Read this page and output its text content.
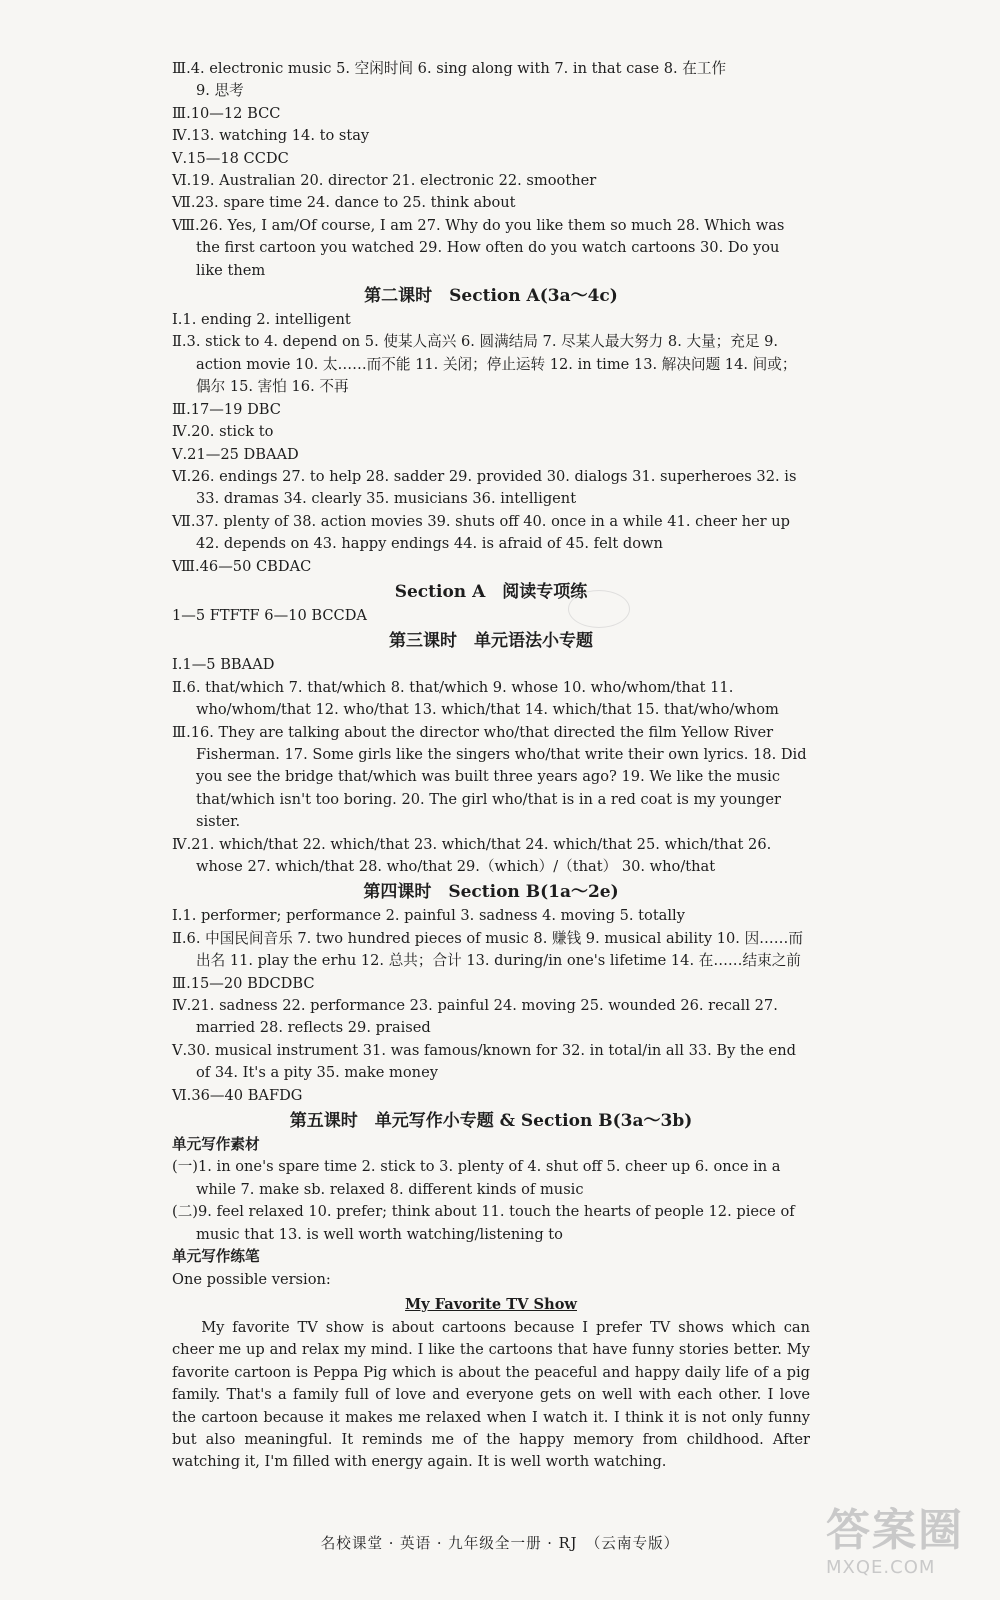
Ⅲ.4. electronic music 5. 空闲时间 6. sing along with 7. in that case 8. 在工作
9. 思考
Ⅲ.10—12 BCC
Ⅳ.13. watching 14. to stay
Ⅴ.15—18 CCDC
Ⅵ.19. Australian 20. director 21. electronic 22. smoother
Ⅶ.23. spare time 24. dance to 25. think about
Ⅷ.26. Yes, I am/Of course, I am 27. Why do you like them so much 28. Which was the first cartoon you watched 29. How often do you watch cartoons 30. Do you like them
第二课时　Section A(3a～4c)
Ⅰ.1. ending 2. intelligent
Ⅱ.3. stick to 4. depend on 5. 使某人高兴 6. 圆满结局 7. 尽某人最大努力 8. 大量；充足 9. action movie 10. 太……而不能 11. 关闭；停止运转 12. in time 13. 解决问题 14. 间或；偶尔 15. 害怕 16. 不再
Ⅲ.17—19 DBC
Ⅳ.20. stick to
Ⅴ.21—25 DBAAD
Ⅵ.26. endings 27. to help 28. sadder 29. provided 30. dialogs 31. superheroes 32. is 33. dramas 34. clearly 35. musicians 36. intelligent
Ⅶ.37. plenty of 38. action movies 39. shuts off 40. once in a while 41. cheer her up 42. depends on 43. happy endings 44. is afraid of 45. felt down
Ⅷ.46—50 CBDAC
Section A　阅读专项练
1—5 FTFTF 6—10 BCCDA
第三课时　单元语法小专题
Ⅰ.1—5 BBAAD
Ⅱ.6. that/which 7. that/which 8. that/which 9. whose 10. who/whom/that 11. who/whom/that 12. who/that 13. which/that 14. which/that 15. that/who/whom
Ⅲ.16. They are talking about the director who/that directed the film Yellow River Fisherman. 17. Some girls like the singers who/that write their own lyrics. 18. Did you see the bridge that/which was built three years ago? 19. We like the music that/which isn't too boring. 20. The girl who/that is in a red coat is my younger sister.
Ⅳ.21. which/that 22. which/that 23. which/that 24. which/that 25. which/that 26. whose 27. which/that 28. who/that 29.（which）/（that） 30. who/that
第四课时　Section B(1a～2e)
Ⅰ.1. performer; performance 2. painful 3. sadness 4. moving 5. totally
Ⅱ.6. 中国民间音乐 7. two hundred pieces of music 8. 赚钱 9. musical ability 10. 因……而出名 11. play the erhu 12. 总共；合计 13. during/in one's lifetime 14. 在……结束之前
Ⅲ.15—20 BDCDBC
Ⅳ.21. sadness 22. performance 23. painful 24. moving 25. wounded 26. recall 27. married 28. reflects 29. praised
Ⅴ.30. musical instrument 31. was famous/known for 32. in total/in all 33. By the end of 34. It's a pity 35. make money
Ⅵ.36—40 BAFDG
第五课时　单元写作小专题 & Section B(3a～3b)
单元写作素材
(一)1. in one's spare time 2. stick to 3. plenty of 4. shut off 5. cheer up 6. once in a while 7. make sb. relaxed 8. different kinds of music
(二)9. feel relaxed 10. prefer; think about 11. touch the hearts of people 12. piece of music that 13. is well worth watching/listening to
单元写作练笔
One possible version:
My Favorite TV Show
My favorite TV show is about cartoons because I prefer TV shows which can cheer me up and relax my mind. I like the cartoons that have funny stories better. My favorite cartoon is Peppa Pig which is about the peaceful and happy daily life of a pig family. That's a family full of love and everyone gets on well with each other. I love the cartoon because it makes me relaxed when I watch it. I think it is not only funny but also meaningful. It reminds me of the happy memory from childhood. After watching it, I'm filled with energy again. It is well worth watching.
名校课堂 · 英语 · 九年级全一册 · RJ　（云南专版）	答案圈
MXQE.COM
